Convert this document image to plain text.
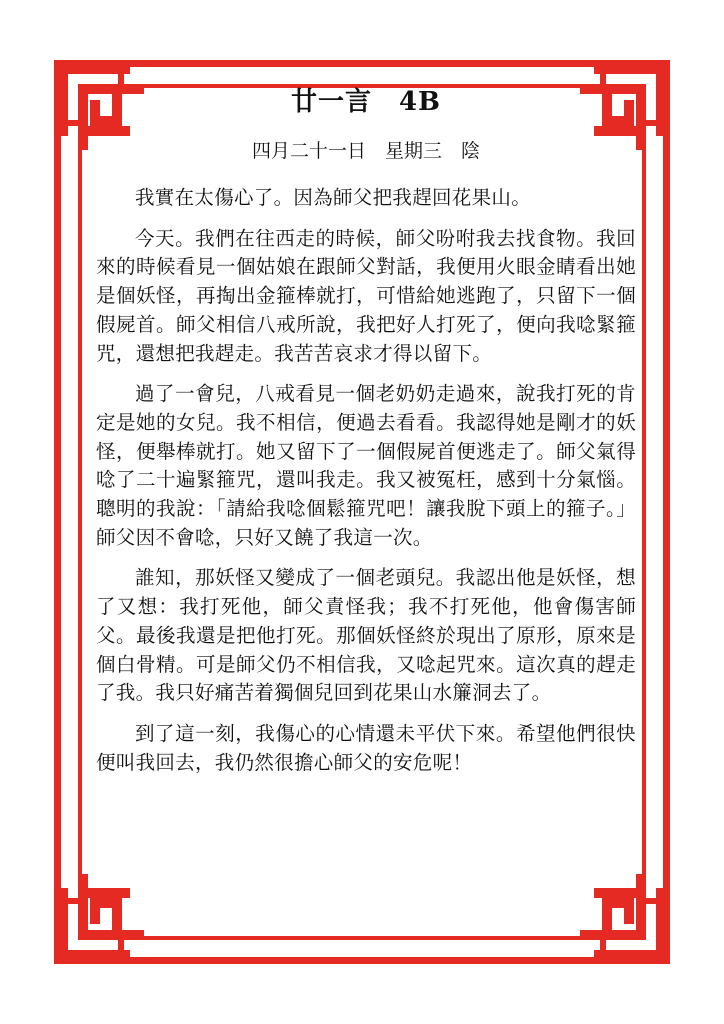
廿一言　4B
四月二十一日　星期三　陰

我實在太傷心了。因為師父把我趕回花果山。

今天。我們在往西走的時候，師父吩咐我去找食物。我回來的時候看見一個姑娘在跟師父對話，我便用火眼金睛看出她是個妖怪，再掏出金箍棒就打，可惜給她逃跑了，只留下一個假屍首。師父相信八戒所說，我把好人打死了，便向我唸緊箍咒，還想把我趕走。我苦苦哀求才得以留下。

過了一會兒，八戒看見一個老奶奶走過來，說我打死的肯定是她的女兒。我不相信，便過去看看。我認得她是剛才的妖怪，便舉棒就打。她又留下了一個假屍首便逃走了。師父氣得唸了二十遍緊箍咒，還叫我走。我又被冤枉，感到十分氣惱。聰明的我說：「請給我唸個鬆箍咒吧！讓我脫下頭上的箍子。」師父因不會唸，只好又饒了我這一次。

誰知，那妖怪又變成了一個老頭兒。我認出他是妖怪，想了又想：我打死他，師父責怪我；我不打死他，他會傷害師父。最後我還是把他打死。那個妖怪終於現出了原形，原來是個白骨精。可是師父仍不相信我，又唸起咒來。這次真的趕走了我。我只好痛苦着獨個兒回到花果山水簾洞去了。

到了這一刻，我傷心的心情還未平伏下來。希望他們很快便叫我回去，我仍然很擔心師父的安危呢！
